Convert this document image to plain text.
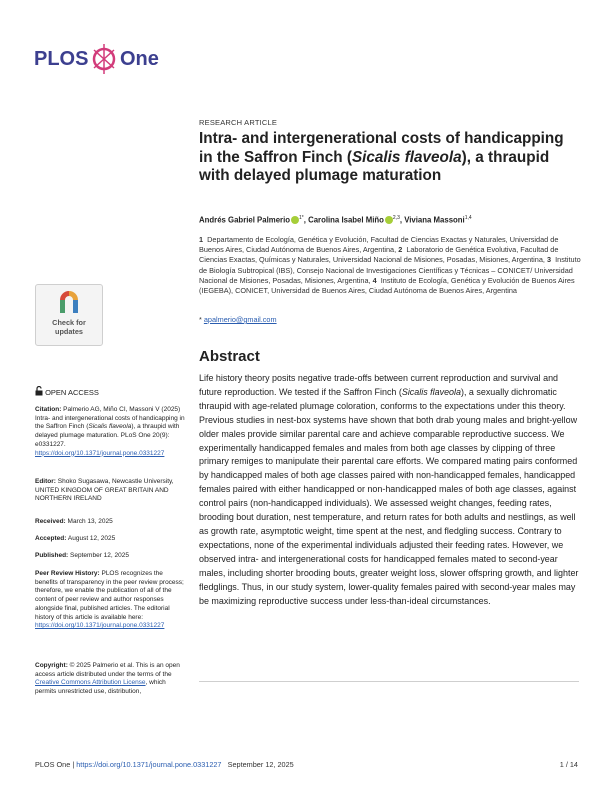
PLOS One
RESEARCH ARTICLE
Intra- and intergenerational costs of handicapping in the Saffron Finch (Sicalis flaveola), a thraupid with delayed plumage maturation
Andrés Gabriel Palmerio $^{1*}$, Carolina Isabel Miño $^{2,3}$, Viviana Massoni$^{1,4}$
1 Departamento de Ecología, Genética y Evolución, Facultad de Ciencias Exactas y Naturales, Universidad de Buenos Aires, Ciudad Autónoma de Buenos Aires, Argentina, 2 Laboratorio de Genética Evolutiva, Facultad de Ciencias Exactas, Químicas y Naturales, Universidad Nacional de Misiones, Posadas, Misiones, Argentina, 3 Instituto de Biología Subtropical (IBS), Consejo Nacional de Investigaciones Científicas y Técnicas – CONICET/ Universidad Nacional de Misiones, Posadas, Misiones, Argentina, 4 Instituto de Ecología, Genética y Evolución de Buenos Aires (IEGEBA), CONICET, Universidad de Buenos Aires, Ciudad Autónoma de Buenos Aires, Argentina
* apalmerio@gmail.com
Check for
updates
OPEN ACCESS
Citation: Palmerio AG, Miño CI, Massoni V (2025) Intra- and intergenerational costs of handicapping in the Saffron Finch (Sicalis flaveola), a thraupid with delayed plumage maturation. PLoS One 20(9): e0331227. https://doi.org/10.1371/journal.pone.0331227
Editor: Shoko Sugasawa, Newcastle University, UNITED KINGDOM OF GREAT BRITAIN AND NORTHERN IRELAND
Received: March 13, 2025
Accepted: August 12, 2025
Published: September 12, 2025
Peer Review History: PLOS recognizes the benefits of transparency in the peer review process; therefore, we enable the publication of all of the content of peer review and author responses alongside final, published articles. The editorial history of this article is available here: https://doi.org/10.1371/journal.pone.0331227
Copyright: © 2025 Palmerio et al. This is an open access article distributed under the terms of the Creative Commons Attribution License, which permits unrestricted use, distribution,
Abstract
Life history theory posits negative trade-offs between current reproduction and survival and future reproduction. We tested if the Saffron Finch (Sicalis flaveola), a sexually dichromatic thraupid with age-related plumage coloration, conforms to the expectations under this theory. Previous studies in nest-box systems have shown that both drab young males and bright-yellow older males provide similar parental care and achieve comparable reproductive success. We experimentally handicapped females and males from both age classes by clipping of three primary remiges to manipulate their parental care efforts. We compared mating pairs conformed by handicapped males of both age classes paired with non-handicapped females, handicapped females paired with either handicapped or non-handicapped males of both age classes, against control pairs (non-handicapped individuals). We assessed weight changes, feeding rates, brooding bout duration, nest temperature, and return rates for both adults and nestlings, as well as growth rate, asymptotic weight, time spent at the nest, and fledgling success. Contrary to expectations, none of the experimental individuals adjusted their feeding rates. However, we observed intra- and intergenerational costs for handicapped females mated to second-year males, including shorter brooding bouts, greater weight loss, slower offspring growth, and lighter fledglings. Thus, in our study system, lower-quality females paired with second-year males may be maximizing reproductive success under less-than-ideal circumstances.
PLOS One | https://doi.org/10.1371/journal.pone.0331227 September 12, 2025	1 / 14
